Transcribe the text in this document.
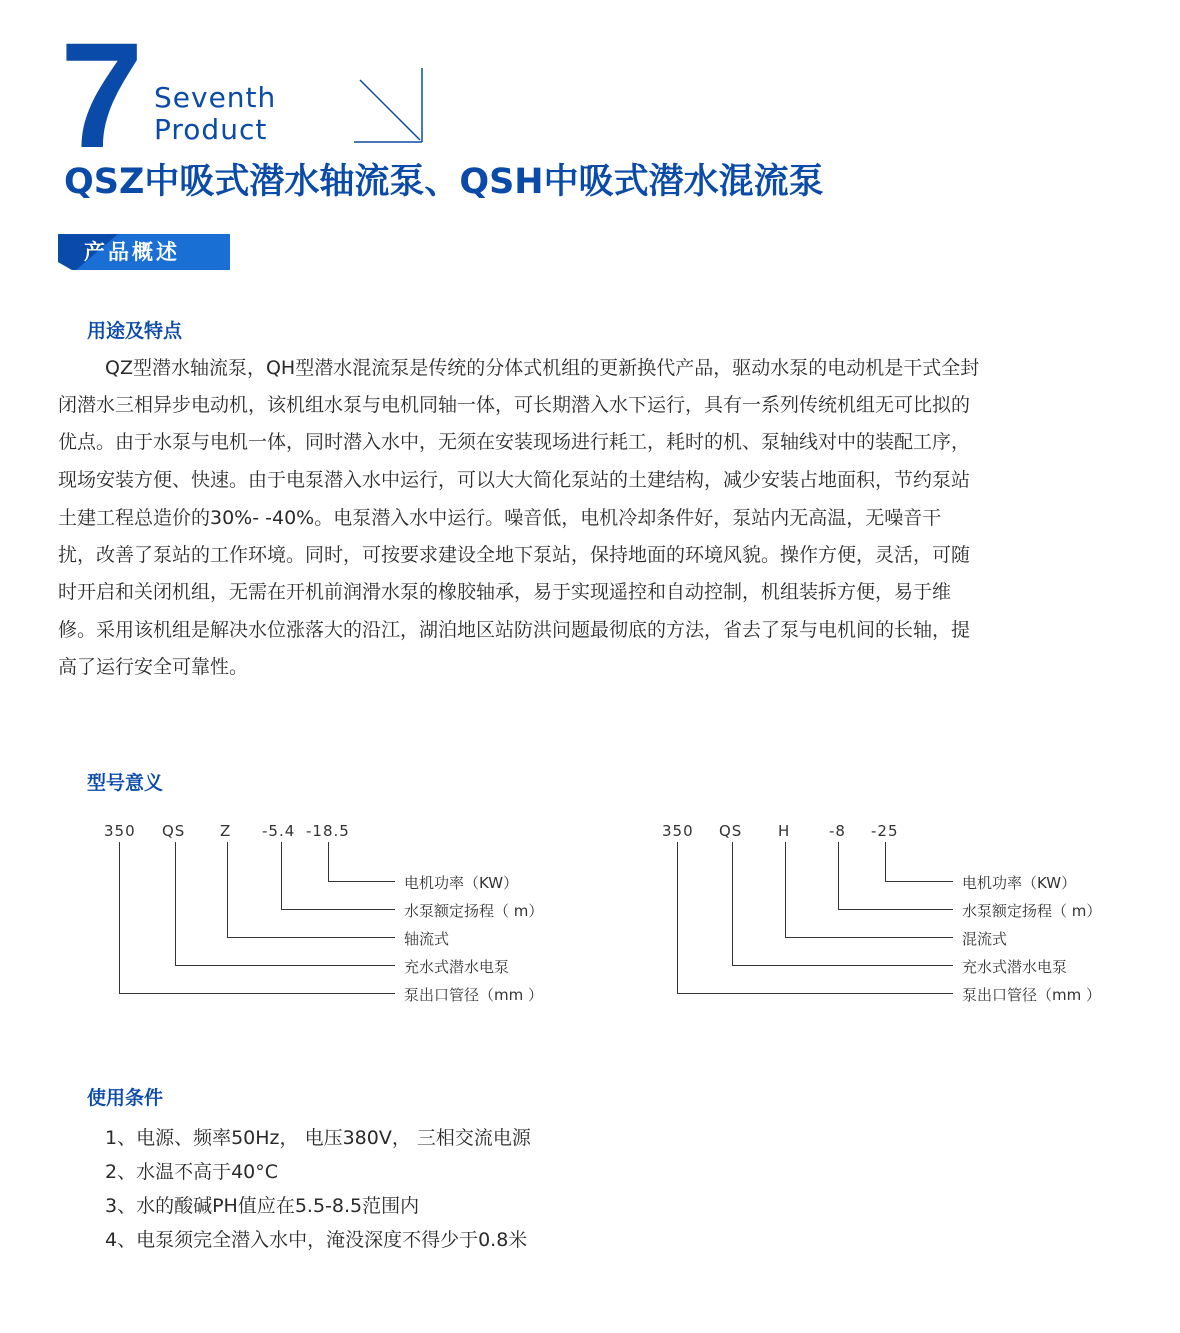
7 Seventh
Product
QSZ中吸式潜水轴流泵、QSH中吸式潜水混流泵
产品概述
用途及特点
QZ型潜水轴流泵，QH型潜水混流泵是传统的分体式机组的更新换代产品，驱动水泵的电动机是干式全封
闭潜水三相异步电动机，该机组水泵与电机同轴一体，可长期潜入水下运行，具有一系列传统机组无可比拟的
优点。由于水泵与电机一体，同时潜入水中，无须在安装现场进行耗工，耗时的机、泵轴线对中的装配工序，
现场安装方便、快速。由于电泵潜入水中运行，可以大大简化泵站的土建结构，减少安装占地面积，节约泵站
土建工程总造价的30%- -40%。电泵潜入水中运行。噪音低，电机冷却条件好，泵站内无高温，无噪音干
扰，改善了泵站的工作环境。同时，可按要求建设全地下泵站，保持地面的环境风貌。操作方便，灵活，可随
时开启和关闭机组，无需在开机前润滑水泵的橡胶轴承，易于实现遥控和自动控制，机组装拆方便，易于维
修。采用该机组是解决水位涨落大的沿江，湖泊地区站防洪问题最彻底的方法，省去了泵与电机间的长轴，提
高了运行安全可靠性。
型号意义
350 QS Z -5.4 -18.5
电机功率（KW）
水泵额定扬程（ m）
轴流式
充水式潜水电泵
泵出口管径（mm ）
350 QS H	-8 -25
电机功率（KW）
水泵额定扬程（ m）
混流式
充水式潜水电泵
泵出口管径（mm ）
使用条件
1、电源、频率50Hz， 电压380V， 三相交流电源
2、水温不高于40°C
3、水的酸碱PH值应在5.5-8.5范围内
4、电泵须完全潜入水中，淹没深度不得少于0.8米
